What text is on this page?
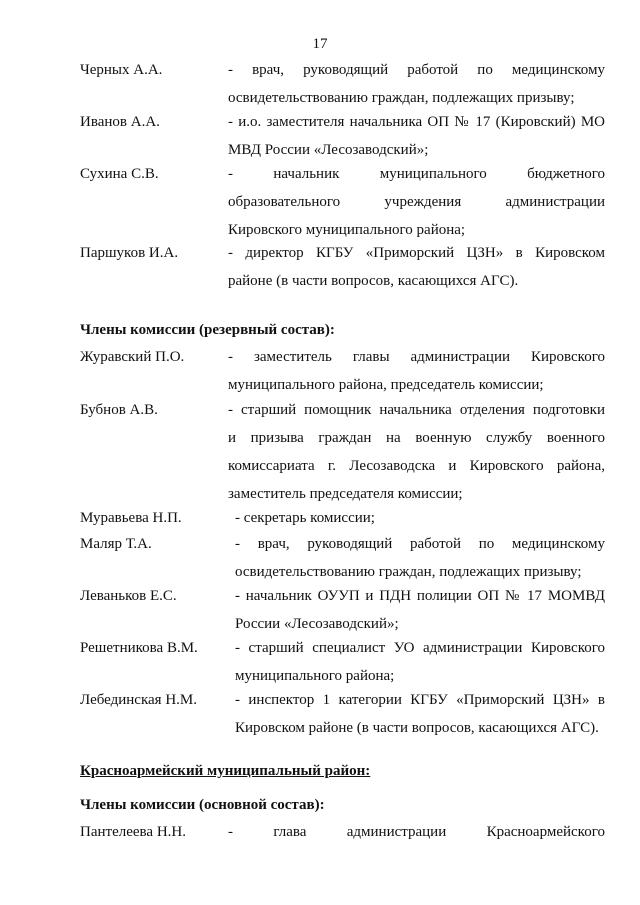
17
Черных А.А.	- врач, руководящий работой по медицинскому
освидетельствованию граждан, подлежащих призыву;
Иванов А.А.	- и.о. заместителя начальника ОП № 17 (Кировский) МО
МВД России «Лесозаводский»;
Сухина С.В.	- начальник муниципального бюджетного
образовательного учреждения администрации
Кировского муниципального района;
Паршуков И.А.	- директор КГБУ «Приморский ЦЗН» в Кировском
районе (в части вопросов, касающихся АГС).
Члены комиссии (резервный состав):
Журавский П.О.	- заместитель главы администрации Кировского
муниципального района, председатель комиссии;
Бубнов А.В.	- старший помощник начальника отделения подготовки
и призыва граждан на военную службу военного
комиссариата г. Лесозаводска и Кировского района,
заместитель председателя комиссии;
Муравьева Н.П.	- секретарь комиссии;
Маляр Т.А.	- врач, руководящий работой по медицинскому
освидетельствованию граждан, подлежащих призыву;
Леваньков Е.С.	- начальник ОУУП и ПДН полиции ОП № 17 МОМВД
России «Лесозаводский»;
Решетникова В.М. - старший специалист УО администрации Кировского
муниципального района;
Лебединская Н.М.	- инспектор 1 категории КГБУ «Приморский ЦЗН» в
Кировском районе (в части вопросов, касающихся АГС).
Красноармейский муниципальный район:
Члены комиссии (основной состав):
Пантелеева Н.Н.	- глава администрации Красноармейского
